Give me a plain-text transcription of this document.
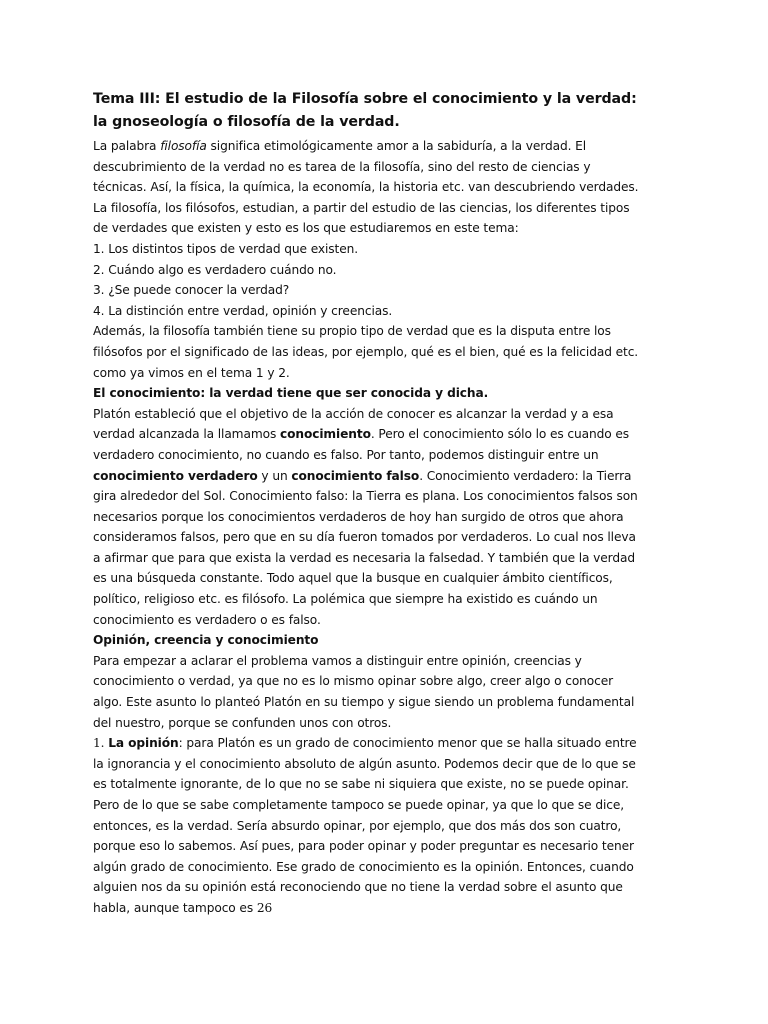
Tema III: El estudio de la Filosofía sobre el conocimiento y la verdad: la gnoseología o filosofía de la verdad.

La palabra filosofía significa etimológicamente amor a la sabiduría, a la verdad. El descubrimiento de la verdad no es tarea de la filosofía, sino del resto de ciencias y técnicas. Así, la física, la química, la economía, la historia etc. van descubriendo verdades. La filosofía, los filósofos, estudian, a partir del estudio de las ciencias, los diferentes tipos de verdades que existen y esto es los que estudiaremos en este tema:

1. Los distintos tipos de verdad que existen.

2. Cuándo algo es verdadero cuándo no.

3. ¿Se puede conocer la verdad?

4. La distinción entre verdad, opinión y creencias.

Además, la filosofía también tiene su propio tipo de verdad que es la disputa entre los filósofos por el significado de las ideas, por ejemplo, qué es el bien, qué es la felicidad etc. como ya vimos en el tema 1 y 2.

El conocimiento: la verdad tiene que ser conocida y dicha.

Platón estableció que el objetivo de la acción de conocer es alcanzar la verdad y a esa verdad alcanzada la llamamos conocimiento. Pero el conocimiento sólo lo es cuando es verdadero conocimiento, no cuando es falso. Por tanto, podemos distinguir entre un conocimiento verdadero y un conocimiento falso. Conocimiento verdadero: la Tierra gira alrededor del Sol. Conocimiento falso: la Tierra es plana. Los conocimientos falsos son necesarios porque los conocimientos verdaderos de hoy han surgido de otros que ahora consideramos falsos, pero que en su día fueron tomados por verdaderos. Lo cual nos lleva a afirmar que para que exista la verdad es necesaria la falsedad. Y también que la verdad es una búsqueda constante. Todo aquel que la busque en cualquier ámbito científicos, político, religioso etc. es filósofo. La polémica que siempre ha existido es cuándo un conocimiento es verdadero o es falso.

Opinión, creencia y conocimiento

Para empezar a aclarar el problema vamos a distinguir entre opinión, creencias y conocimiento o verdad, ya que no es lo mismo opinar sobre algo, creer algo o conocer algo. Este asunto lo planteó Platón en su tiempo y sigue siendo un problema fundamental del nuestro, porque se confunden unos con otros.

1. La opinión: para Platón es un grado de conocimiento menor que se halla situado entre la ignorancia y el conocimiento absoluto de algún asunto. Podemos decir que de lo que se es totalmente ignorante, de lo que no se sabe ni siquiera que existe, no se puede opinar. Pero de lo que se sabe completamente tampoco se puede opinar, ya que lo que se dice, entonces, es la verdad. Sería absurdo opinar, por ejemplo, que dos más dos son cuatro, porque eso lo sabemos. Así pues, para poder opinar y poder preguntar es necesario tener algún grado de conocimiento. Ese grado de conocimiento es la opinión. Entonces, cuando alguien nos da su opinión está reconociendo que no tiene la verdad sobre el asunto que habla, aunque tampoco es 26
